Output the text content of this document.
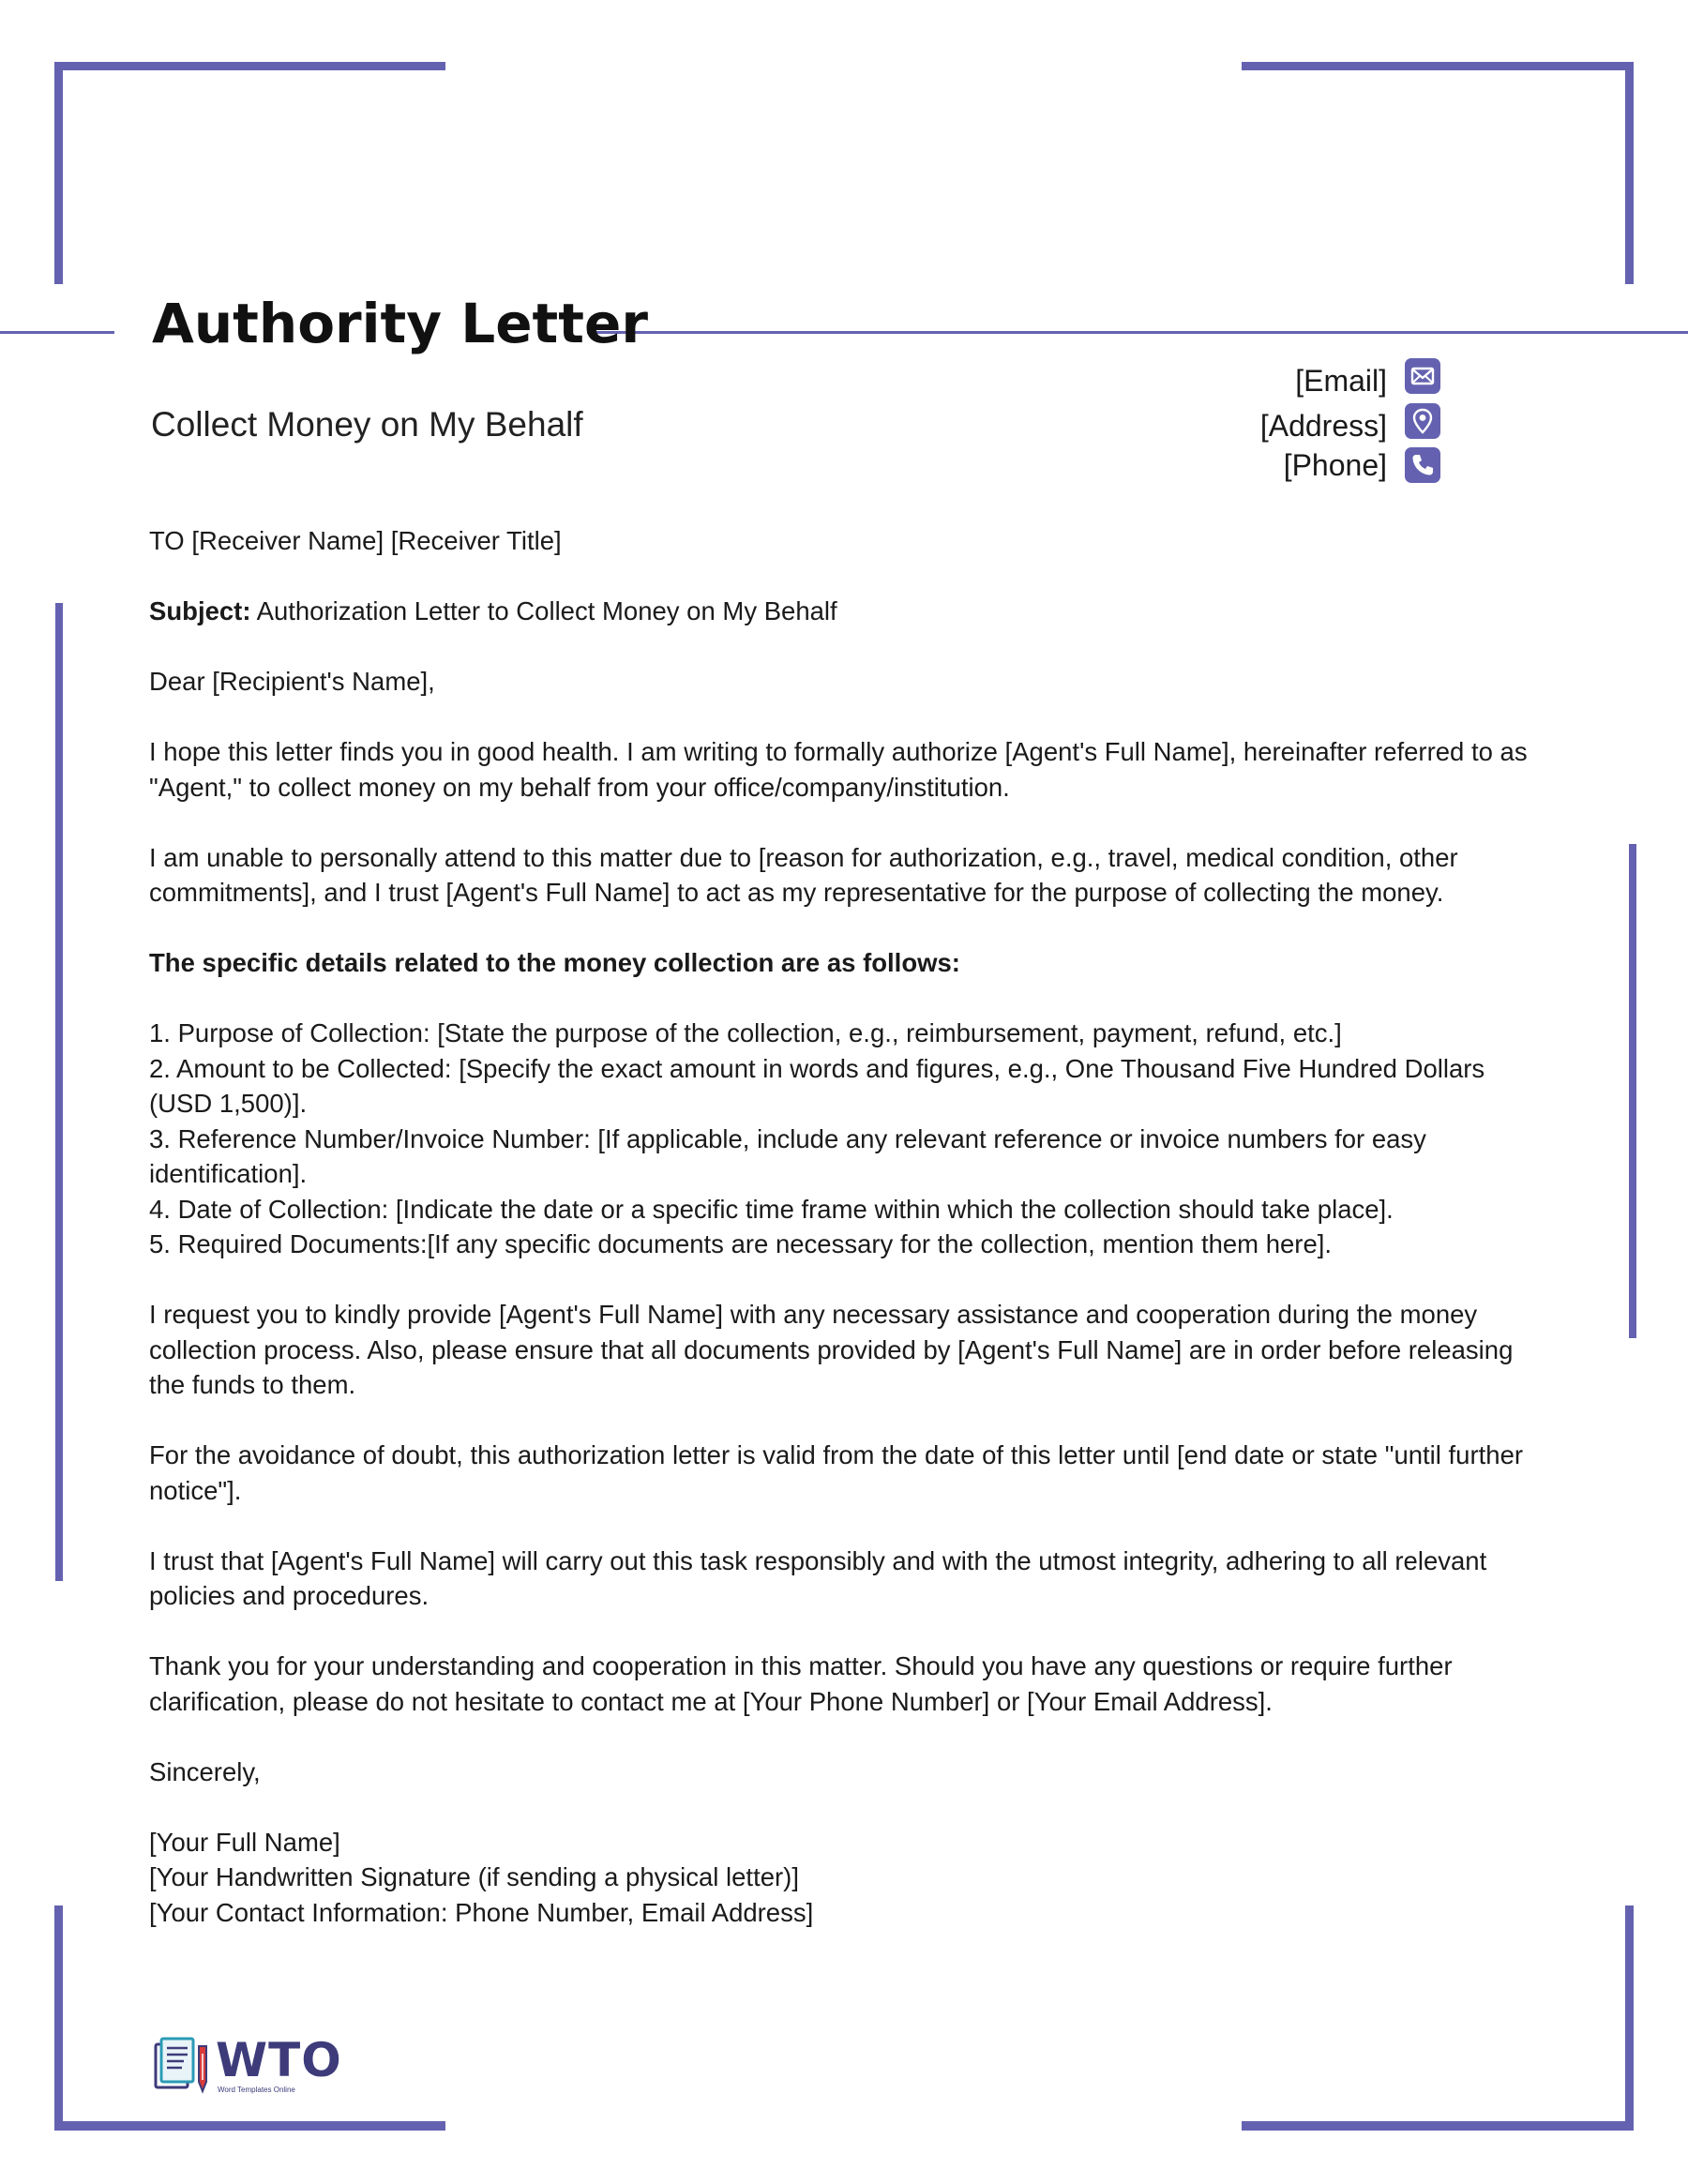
Authority Letter
Collect Money on My Behalf
[Email]
[Address]
[Phone]

TO [Receiver Name] [Receiver Title]

Subject: Authorization Letter to Collect Money on My Behalf

Dear [Recipient's Name],

I hope this letter finds you in good health. I am writing to formally authorize [Agent's Full Name], hereinafter referred to as "Agent," to collect money on my behalf from your office/company/institution.

I am unable to personally attend to this matter due to [reason for authorization, e.g., travel, medical condition, other commitments], and I trust [Agent's Full Name] to act as my representative for the purpose of collecting the money.

The specific details related to the money collection are as follows:

1. Purpose of Collection: [State the purpose of the collection, e.g., reimbursement, payment, refund, etc.]

2. Amount to be Collected: [Specify the exact amount in words and figures, e.g., One Thousand Five Hundred Dollars (USD 1,500)].

3. Reference Number/Invoice Number: [If applicable, include any relevant reference or invoice numbers for easy identification].

4. Date of Collection: [Indicate the date or a specific time frame within which the collection should take place].

5. Required Documents:[If any specific documents are necessary for the collection, mention them here].

I request you to kindly provide [Agent's Full Name] with any necessary assistance and cooperation during the money collection process. Also, please ensure that all documents provided by [Agent's Full Name] are in order before releasing the funds to them.

For the avoidance of doubt, this authorization letter is valid from the date of this letter until [end date or state "until further notice"].

I trust that [Agent's Full Name] will carry out this task responsibly and with the utmost integrity, adhering to all relevant policies and procedures.

Thank you for your understanding and cooperation in this matter. Should you have any questions or require further clarification, please do not hesitate to contact me at [Your Phone Number] or [Your Email Address].

Sincerely,

[Your Full Name]

[Your Handwritten Signature (if sending a physical letter)]

[Your Contact Information: Phone Number, Email Address]

WTO
Word Templates Online
